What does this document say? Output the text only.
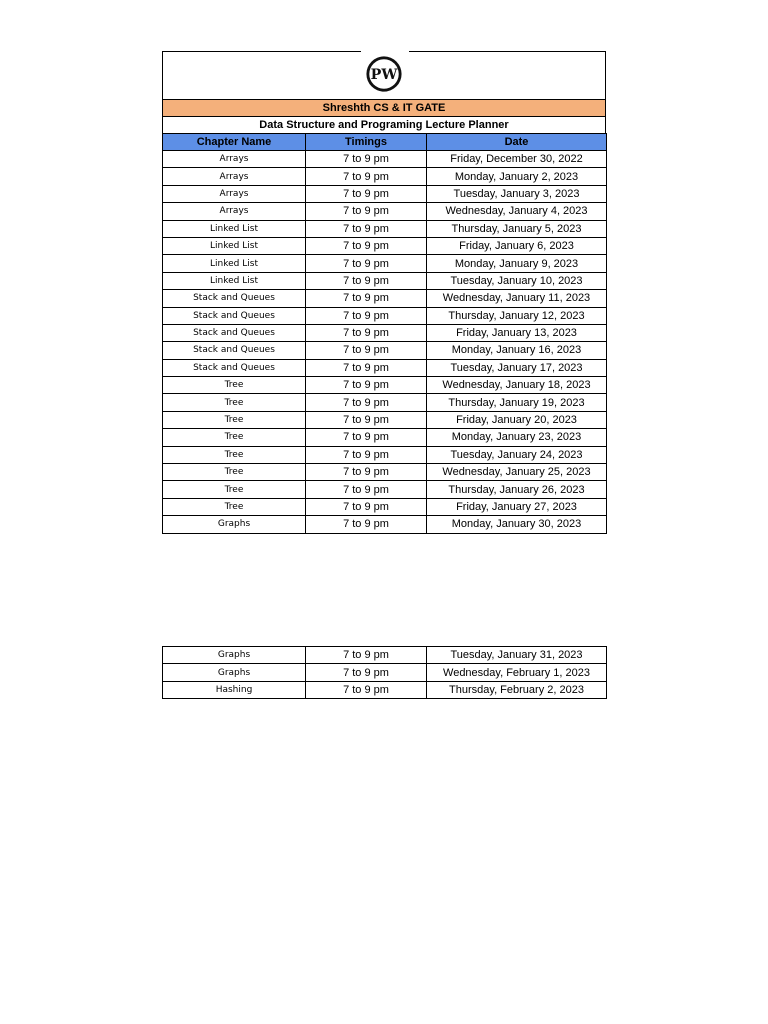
PW
Shreshth CS & IT GATE
Data Structure and Programing Lecture Planner
Chapter Name	Timings	Date
Arrays	7 to 9 pm	Friday, December 30, 2022
Arrays	7 to 9 pm	Monday, January 2, 2023
Arrays	7 to 9 pm	Tuesday, January 3, 2023
Arrays	7 to 9 pm	Wednesday, January 4, 2023
Linked List	7 to 9 pm	Thursday, January 5, 2023
Linked List	7 to 9 pm	Friday, January 6, 2023
Linked List	7 to 9 pm	Monday, January 9, 2023
Linked List	7 to 9 pm	Tuesday, January 10, 2023
Stack and Queues	7 to 9 pm	Wednesday, January 11, 2023
Stack and Queues	7 to 9 pm	Thursday, January 12, 2023
Stack and Queues	7 to 9 pm	Friday, January 13, 2023
Stack and Queues	7 to 9 pm	Monday, January 16, 2023
Stack and Queues	7 to 9 pm	Tuesday, January 17, 2023
Tree	7 to 9 pm	Wednesday, January 18, 2023
Tree	7 to 9 pm	Thursday, January 19, 2023
Tree	7 to 9 pm	Friday, January 20, 2023
Tree	7 to 9 pm	Monday, January 23, 2023
Tree	7 to 9 pm	Tuesday, January 24, 2023
Tree	7 to 9 pm	Wednesday, January 25, 2023
Tree	7 to 9 pm	Thursday, January 26, 2023
Tree	7 to 9 pm	Friday, January 27, 2023
Graphs	7 to 9 pm	Monday, January 30, 2023
Graphs	7 to 9 pm	Tuesday, January 31, 2023
Graphs	7 to 9 pm	Wednesday, February 1, 2023
Hashing	7 to 9 pm	Thursday, February 2, 2023
